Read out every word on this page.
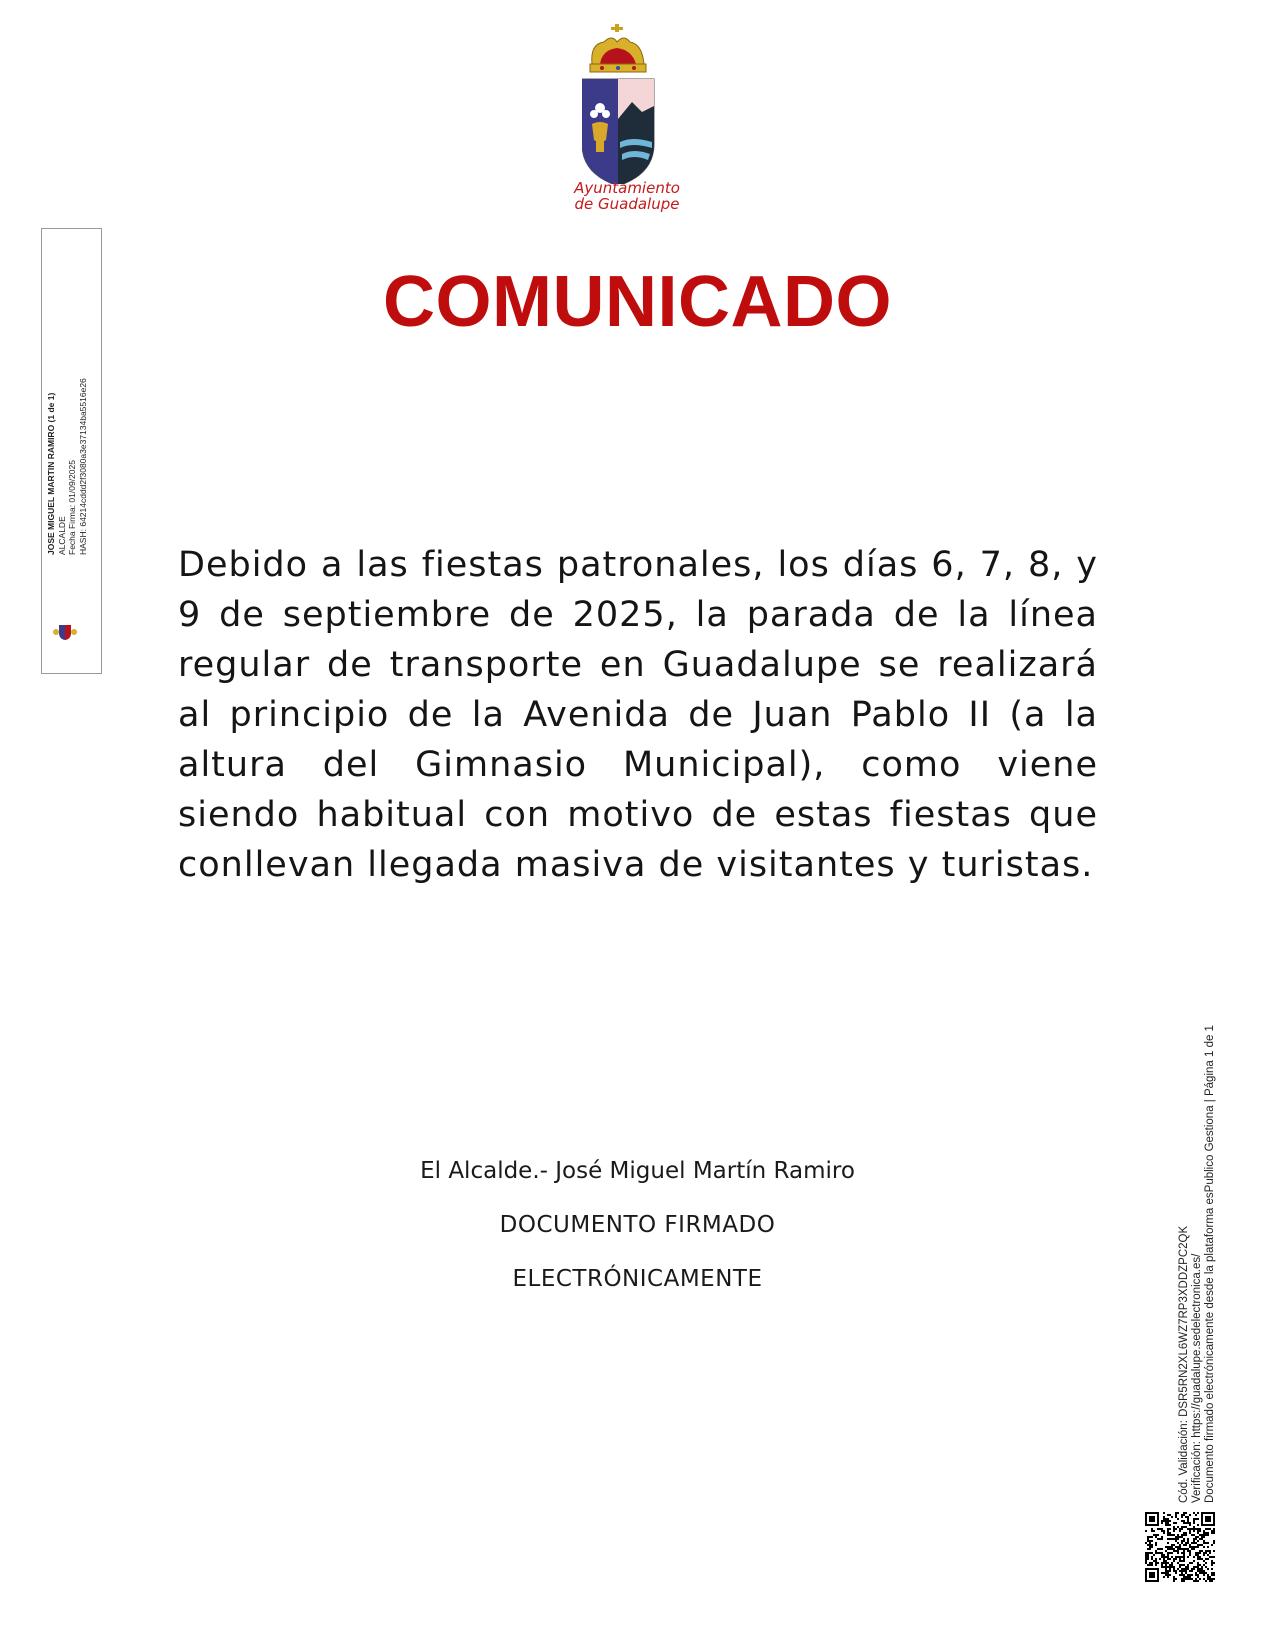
Ayuntamiento
de Guadalupe
COMUNICADO
Debido a las fiestas patronales, los días 6, 7, 8, y 9 de septiembre de 2025, la parada de la línea regular de transporte en Guadalupe se realizará al principio de la Avenida de Juan Pablo II (a la altura del Gimnasio Municipal), como viene siendo habitual con motivo de estas fiestas que conllevan llegada masiva de visitantes y turistas.
El Alcalde.- José Miguel Martín Ramiro
DOCUMENTO FIRMADO
ELECTRÓNICAMENTE
JOSE MIGUEL MARTIN RAMIRO (1 de 1) ALCALDE Fecha Firma: 01/09/2025 HASH: 64214cddd2f3080a3e37134ba5516e26
Cód. Validación: DSR5RN2XL6WZ7RP3XDDZPC2QK Verificación: https://guadalupe.sedelectronica.es/ Documento firmado electrónicamente desde la plataforma esPublico Gestiona | Página 1 de 1
